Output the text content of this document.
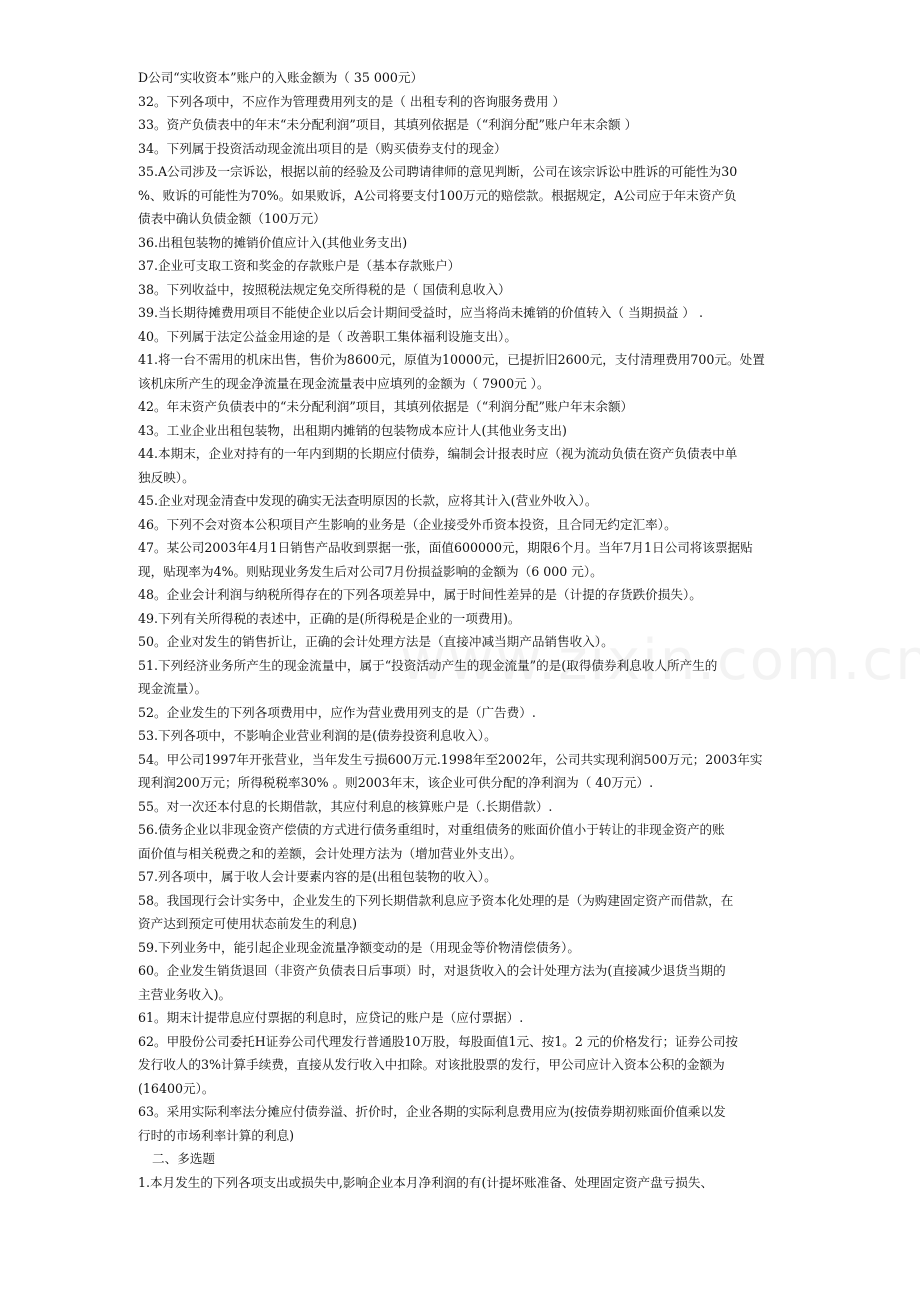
D公司“实收资本”账户的入账金额为（ 35 000元）
32。下列各项中，不应作为管理费用列支的是（ 出租专利的咨询服务费用 ）
33。资产负债表中的年末“未分配利润”项目，其填列依据是（“利润分配”账户年末余额 ）
34。下列属于投资活动现金流出项目的是（购买债券支付的现金）
35.A公司涉及一宗诉讼，根据以前的经验及公司聘请律师的意见判断，公司在该宗诉讼中胜诉的可能性为30
%、败诉的可能性为70%。如果败诉，A公司将要支付100万元的赔偿款。根据规定，A公司应于年末资产负
债表中确认负债金额（100万元）
36.出租包装物的摊销价值应计入(其他业务支出)
37.企业可支取工资和奖金的存款账户是（基本存款账户）
38。下列收益中，按照税法规定免交所得税的是（ 国债利息收入）
39.当长期待摊费用项目不能使企业以后会计期间受益时，应当将尚未摊销的价值转入（ 当期损益 ） .
40。下列属于法定公益金用途的是（ 改善职工集体福利设施支出）。
41.将一台不需用的机床出售，售价为8600元，原值为10000元，已提折旧2600元，支付清理费用700元。处置
该机床所产生的现金净流量在现金流量表中应填列的金额为（ 7900元 ）。
42。年末资产负债表中的“未分配利润”项目，其填列依据是（“利润分配”账户年末余额）
43。工业企业出租包装物，出租期内摊销的包装物成本应计人(其他业务支出)
44.本期末，企业对持有的一年内到期的长期应付债券，编制会计报表时应（视为流动负债在资产负债表中单
独反映）。
45.企业对现金清查中发现的确实无法查明原因的长款，应将其计入(营业外收入）。
46。下列不会对资本公积项目产生影响的业务是（企业接受外币资本投资，且合同无约定汇率）。
47。某公司2003年4月1日销售产品收到票据一张，面值600000元，期限6个月。当年7月1日公司将该票据贴
现，贴现率为4%。则贴现业务发生后对公司7月份损益影响的金额为（6 000 元）。
48。企业会计利润与纳税所得存在的下列各项差异中，属于时间性差异的是（计提的存货跌价损失）。
49.下列有关所得税的表述中，正确的是(所得税是企业的一项费用)。
50。企业对发生的销售折让，正确的会计处理方法是（直接冲减当期产品销售收入）。
51.下列经济业务所产生的现金流量中，属于“投资活动产生的现金流量”的是(取得债券利息收人所产生的
现金流量）。
52。企业发生的下列各项费用中，应作为营业费用列支的是（广告费）.
53.下列各项中，不影响企业营业利润的是(债券投资利息收入）。
54。甲公司1997年开张营业，当年发生亏损600万元.1998年至2002年，公司共实现利润500万元；2003年实
现利润200万元；所得税税率30% 。则2003年末，该企业可供分配的净利润为（ 40万元）.
55。对一次还本付息的长期借款，其应付利息的核算账户是（.长期借款）.
56.债务企业以非现金资产偿债的方式进行债务重组时，对重组债务的账面价值小于转让的非现金资产的账
面价值与相关税费之和的差额，会计处理方法为（增加营业外支出）。
57.列各项中，属于收人会计要素内容的是(出租包装物的收入）。
58。我国现行会计实务中，企业发生的下列长期借款利息应予资本化处理的是（为购建固定资产而借款，在
资产达到预定可使用状态前发生的利息)
59.下列业务中，能引起企业现金流量净额变动的是（用现金等价物清偿债务）。
60。企业发生销货退回（非资产负债表日后事项）时，对退货收入的会计处理方法为(直接减少退货当期的
主营业务收入)。
61。期末计提带息应付票据的利息时，应贷记的账户是（应付票据）.
62。甲股份公司委托H证券公司代理发行普通股10万股，每股面值1元、按1。2 元的价格发行；证券公司按
发行收人的3%计算手续费，直接从发行收入中扣除。对该批股票的发行，甲公司应计入资本公积的金额为
(16400元）。
63。采用实际利率法分摊应付债券溢、折价时，企业各期的实际利息费用应为(按债券期初账面价值乘以发
行时的市场利率计算的利息)
二、多选题
1.本月发生的下列各项支出或损失中,影响企业本月净利润的有(计提坏账准备、处理固定资产盘亏损失、
